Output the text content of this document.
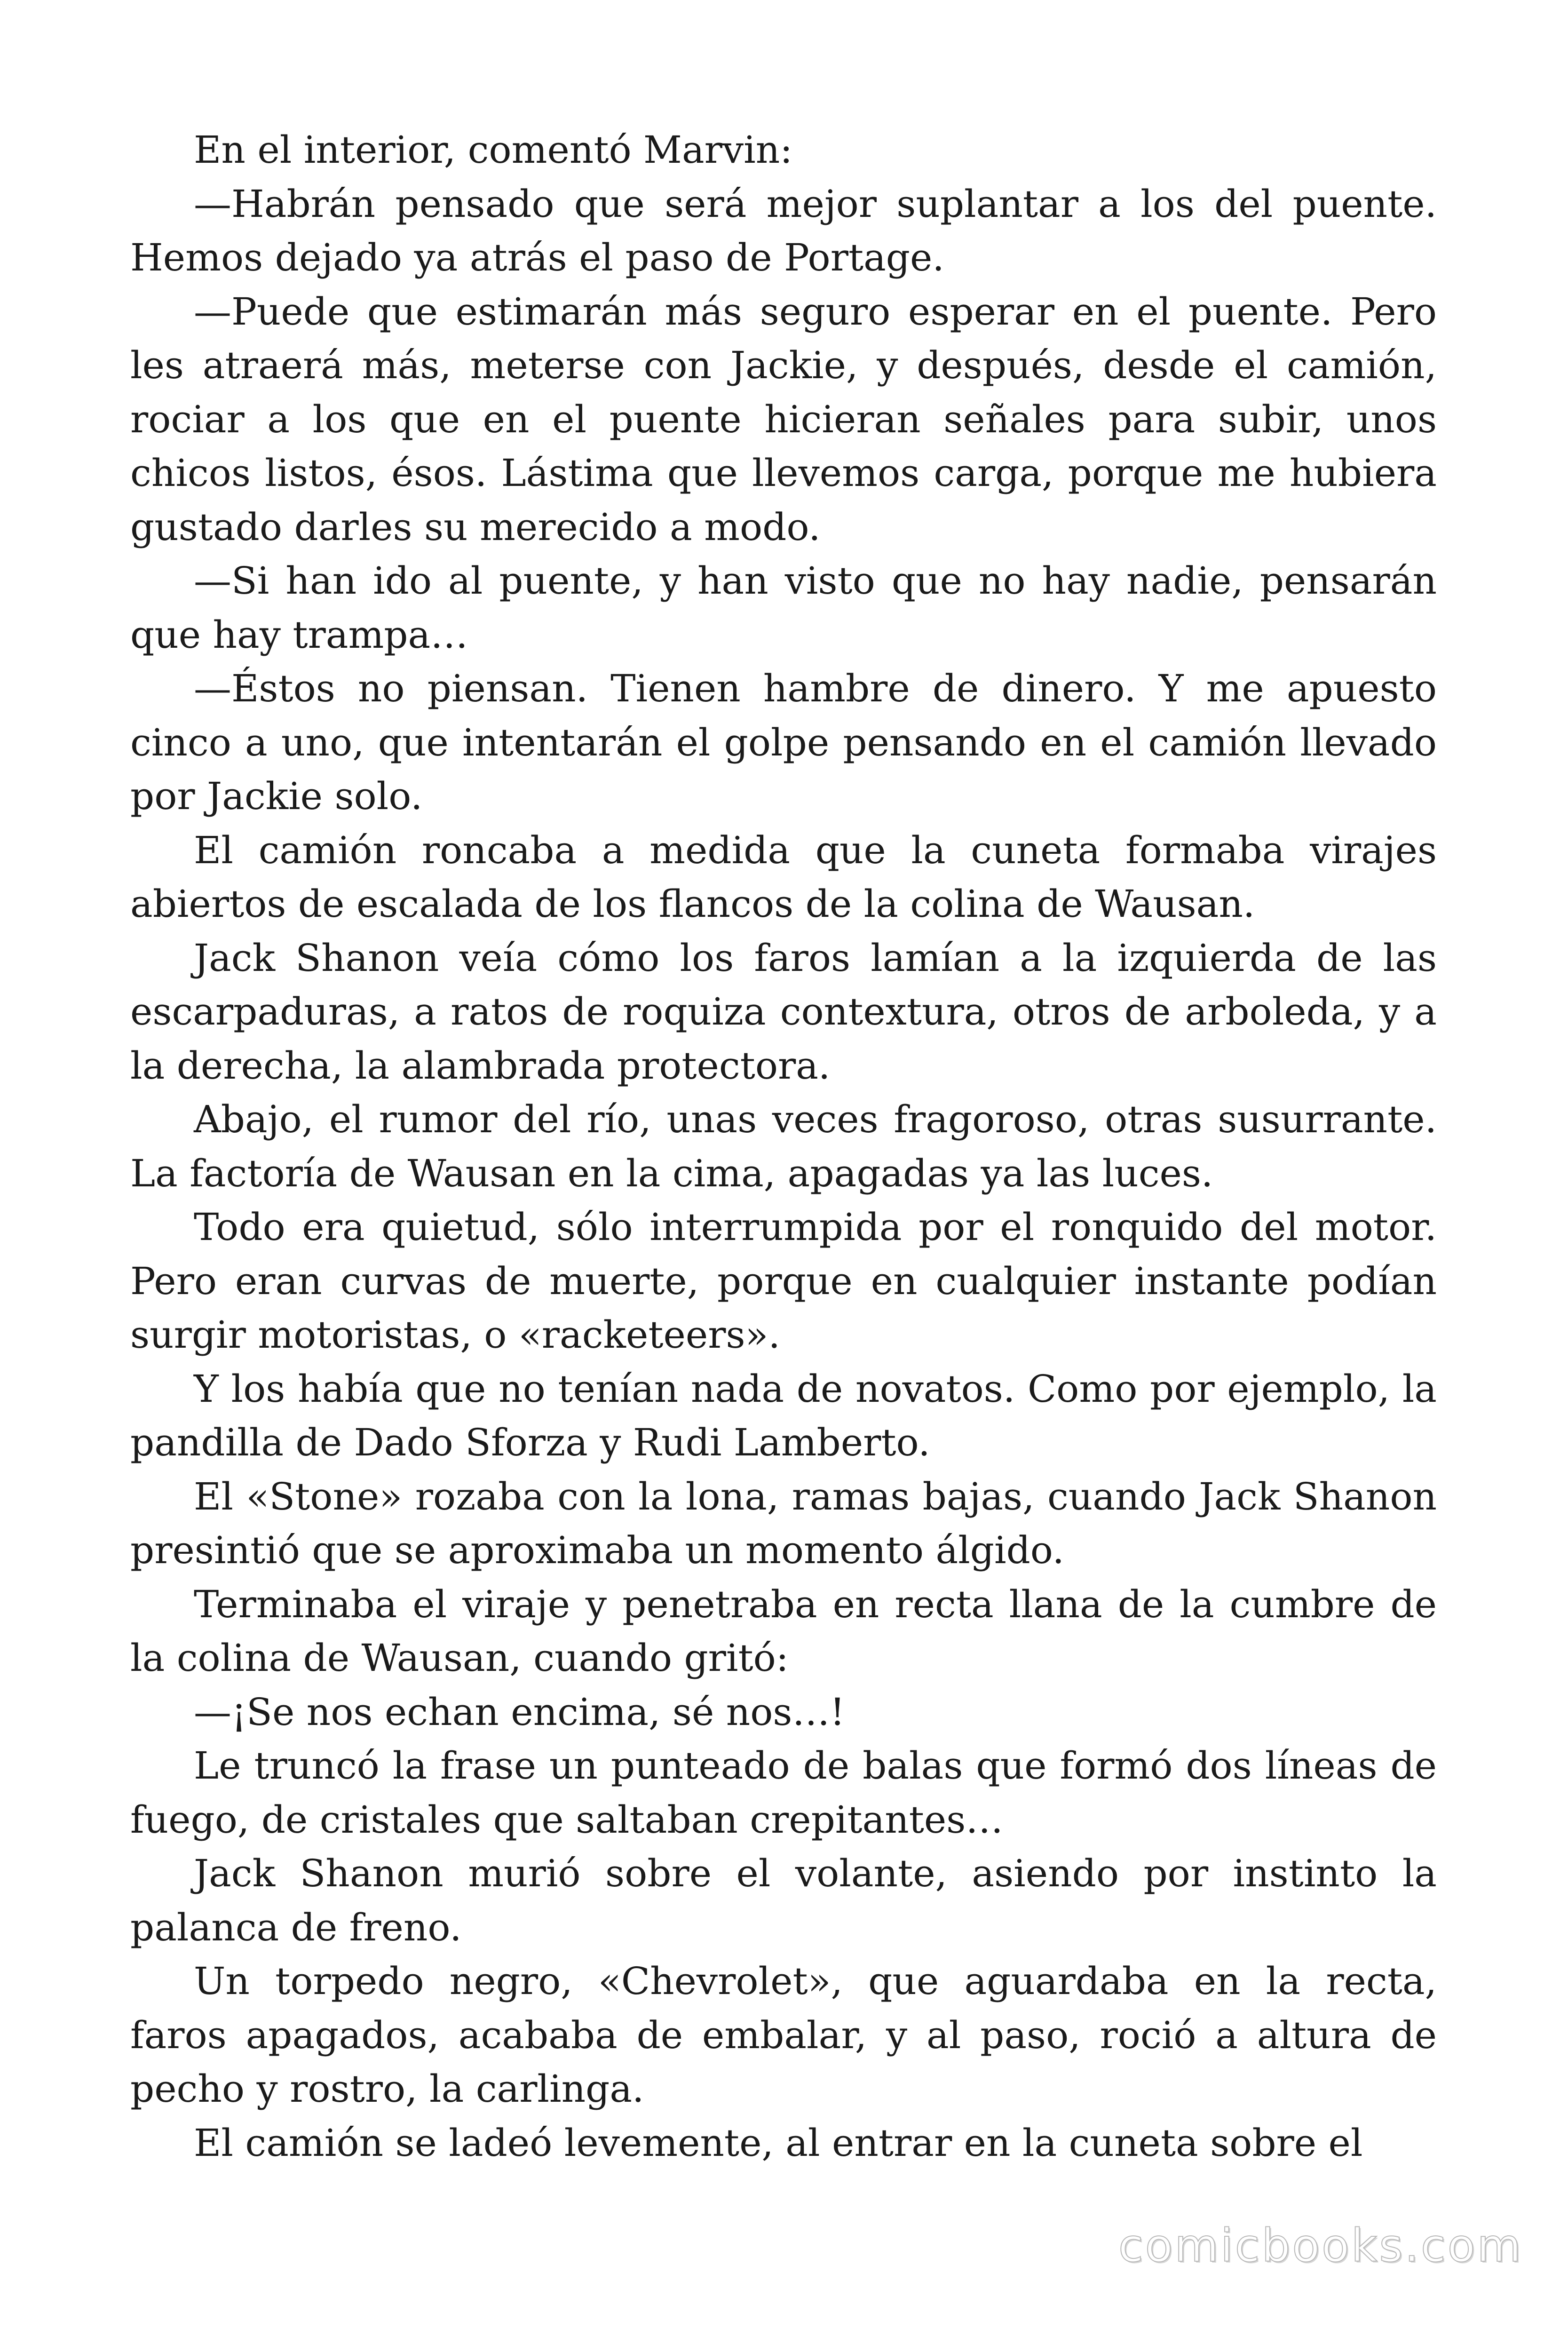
En el interior, comentó Marvin:

—Habrán pensado que será mejor suplantar a los del puente. Hemos dejado ya atrás el paso de Portage.

—Puede que estimarán más seguro esperar en el puente. Pero les atraerá más, meterse con Jackie, y después, desde el camión, rociar a los que en el puente hicieran señales para subir, unos chicos listos, ésos. Lástima que llevemos carga, porque me hubiera gustado darles su merecido a modo.

—Si han ido al puente, y han visto que no hay nadie, pensarán que hay trampa…

—Éstos no piensan. Tienen hambre de dinero. Y me apuesto cinco a uno, que intentarán el golpe pensando en el camión llevado por Jackie solo.

El camión roncaba a medida que la cuneta formaba virajes abiertos de escalada de los flancos de la colina de Wausan.

Jack Shanon veía cómo los faros lamían a la izquierda de las escarpaduras, a ratos de roquiza contextura, otros de arboleda, y a la derecha, la alambrada protectora.

Abajo, el rumor del río, unas veces fragoroso, otras susurrante. La factoría de Wausan en la cima, apagadas ya las luces.

Todo era quietud, sólo interrumpida por el ronquido del motor. Pero eran curvas de muerte, porque en cualquier instante podían surgir motoristas, o «racketeers».

Y los había que no tenían nada de novatos. Como por ejemplo, la pandilla de Dado Sforza y Rudi Lamberto.

El «Stone» rozaba con la lona, ramas bajas, cuando Jack Shanon presintió que se aproximaba un momento álgido.

Terminaba el viraje y penetraba en recta llana de la cumbre de la colina de Wausan, cuando gritó:

—¡Se nos echan encima, sé nos…!

Le truncó la frase un punteado de balas que formó dos líneas de fuego, de cristales que saltaban crepitantes…

Jack Shanon murió sobre el volante, asiendo por instinto la palanca de freno.

Un torpedo negro, «Chevrolet», que aguardaba en la recta, faros apagados, acababa de embalar, y al paso, roció a altura de pecho y rostro, la carlinga.

El camión se ladeó levemente, al entrar en la cuneta sobre el

comicbooks.com
